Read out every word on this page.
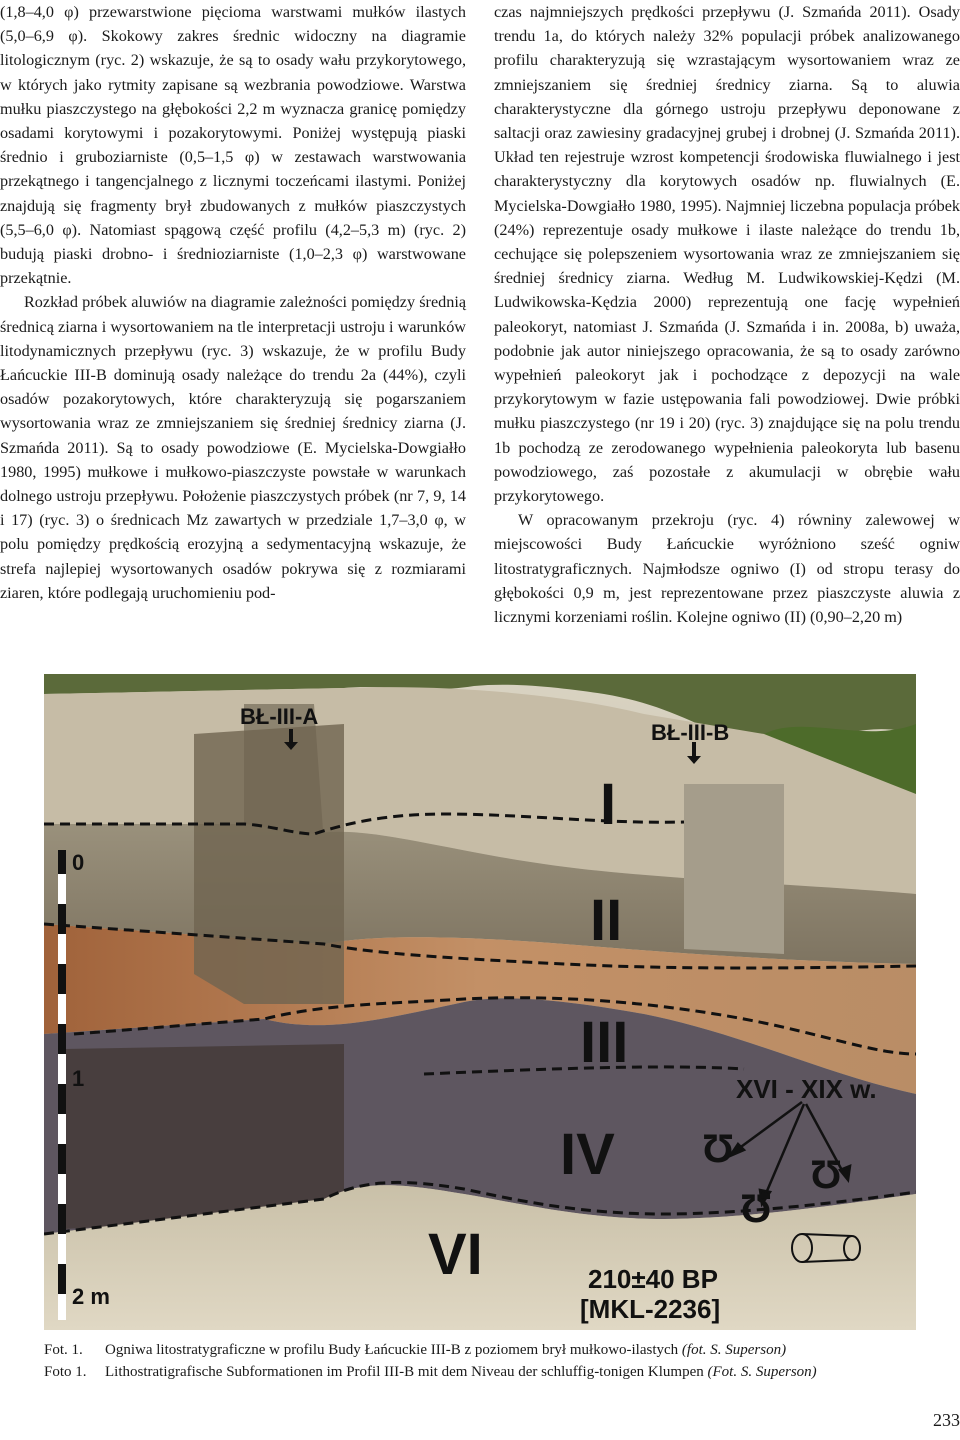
(1,8–4,0 φ) przewarstwione pięcioma warstwami mułków ilastych (5,0–6,9 φ). Skokowy zakres średnic widoczny na diagramie litologicznym (ryc. 2) wskazuje, że są to osady wału przykorytowego, w których jako rytmity zapisane są wezbrania powodziowe. Warstwa mułku piaszczystego na głębokości 2,2 m wyznacza granicę pomiędzy osadami korytowymi i pozakorytowymi. Poniżej występują piaski średnio i gruboziarniste (0,5–1,5 φ) w zestawach warstwowania przekątnego i tangencjalnego z licznymi toczeńcami ilastymi. Poniżej znajdują się fragmenty brył zbudowanych z mułków piaszczystych (5,5–6,0 φ). Natomiast spągową część profilu (4,2–5,3 m) (ryc. 2) budują piaski drobno- i średnioziarniste (1,0–2,3 φ) warstwowane przekątnie.

Rozkład próbek aluwiów na diagramie zależności pomiędzy średnią średnicą ziarna i wysortowaniem na tle interpretacji ustroju i warunków litodynamicznych przepływu (ryc. 3) wskazuje, że w profilu Budy Łańcuckie III-B dominują osady należące do trendu 2a (44%), czyli osadów pozakorytowych, które charakteryzują się pogarszaniem wysortowania wraz ze zmniejszaniem się średniej średnicy ziarna (J. Szmańda 2011). Są to osady powodziowe (E. Mycielska-Dowgiałło 1980, 1995) mułkowe i mułkowo-piaszczyste powstałe w warunkach dolnego ustroju przepływu. Położenie piaszczystych próbek (nr 7, 9, 14 i 17) (ryc. 3) o średnicach Mz zawartych w przedziale 1,7–3,0 φ, w polu pomiędzy prędkością erozyjną a sedymentacyjną wskazuje, że strefa najlepiej wysortowanych osadów pokrywa się z rozmiarami ziaren, które podlegają uruchomieniu pod-

czas najmniejszych prędkości przepływu (J. Szmańda 2011). Osady trendu 1a, do których należy 32% populacji próbek analizowanego profilu charakteryzują się wzrastającym wysortowaniem wraz ze zmniejszaniem się średniej średnicy ziarna. Są to aluwia charakterystyczne dla górnego ustroju przepływu deponowane z saltacji oraz zawiesiny gradacyjnej grubej i drobnej (J. Szmańda 2011). Układ ten rejestruje wzrost kompetencji środowiska fluwialnego i jest charakterystyczny dla korytowych osadów np. fluwialnych (E. Mycielska-Dowgiałło 1980, 1995). Najmniej liczebna populacja próbek (24%) reprezentuje osady mułkowe i ilaste należące do trendu 1b, cechujące się polepszeniem wysortowania wraz ze zmniejszaniem się średniej średnicy ziarna. Według M. Ludwikowskiej-Kędzi (M. Ludwikowska-Kędzia 2000) reprezentują one fację wypełnień paleokoryt, natomiast J. Szmańda (J. Szmańda i in. 2008a, b) uważa, podobnie jak autor niniejszego opracowania, że są to osady zarówno wypełnień paleokoryt jak i pochodzące z depozycji na wale przykorytowym w fazie ustępowania fali powodziowej. Dwie próbki mułku piaszczystego (nr 19 i 20) (ryc. 3) znajdujące się na polu trendu 1b pochodzą ze zerodowanego wypełnienia paleokoryta lub basenu powodziowego, zaś pozostałe z akumulacji w obrębie wału przykorytowego.

W opracowanym przekroju (ryc. 4) równiny zalewowej w miejscowości Budy Łańcuckie wyróżniono sześć ogniw litostratygraficznych. Najmłodsze ogniwo (I) od stropu terasy do głębokości 0,9 m, jest reprezentowane przez piaszczyste aluwia z licznymi korzeniami roślin. Kolejne ogniwo (II) (0,90–2,20 m)

BŁ-III-A
BŁ-III-B
I
II
III
IV
VI
0
1
2 m
XVI - XIX w.
Ʊ
Ʊ
Ʊ
210±40 BP
[MKL-2236]
Fot. 1.	Ogniwa litostratygraficzne w profilu Budy Łańcuckie III-B z poziomem brył mułkowo-ilastych (fot. S. Superson)
Foto 1.	Lithostratigrafische Subformationen im Profil III-B mit dem Niveau der schluffig-tonigen Klumpen (Fot. S. Superson)
233
